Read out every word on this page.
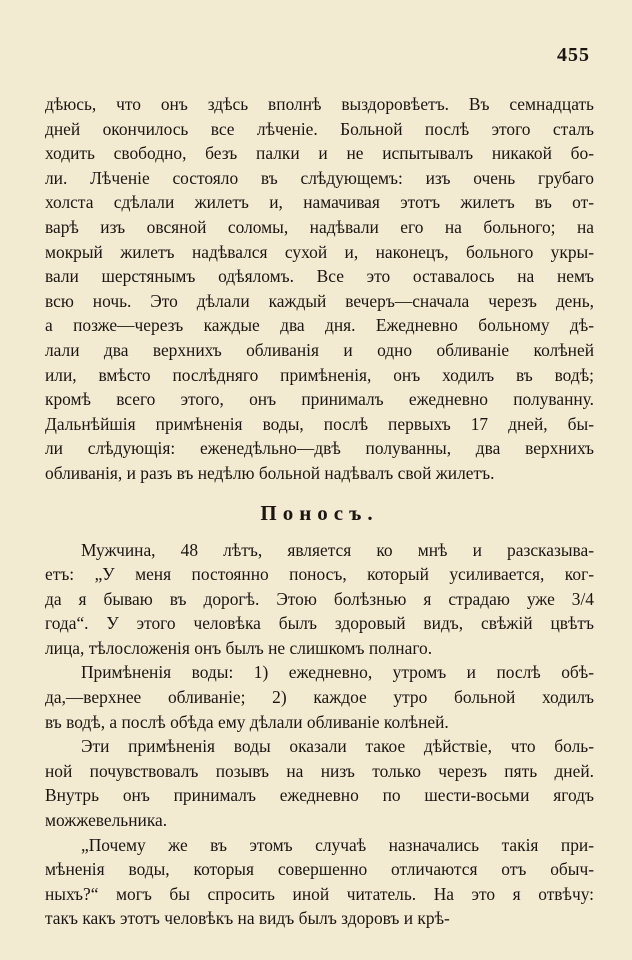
455
дѣюсь, что онъ здѣсь вполнѣ выздоровѣетъ. Въ семнадцать
дней окончилось все лѣченіе. Больной послѣ этого сталъ
ходить свободно, безъ палки и не испытывалъ никакой бо-
ли. Лѣченіе состояло въ слѣдующемъ: изъ очень грубаго
холста сдѣлали жилетъ и, намачивая этотъ жилетъ въ от-
варѣ изъ овсяной соломы, надѣвали его на больного; на
мокрый жилетъ надѣвался сухой и, наконецъ, больного укры-
вали шерстянымъ одѣяломъ. Все это оставалось на немъ
всю ночь. Это дѣлали каждый вечеръ—сначала черезъ день,
а позже—черезъ каждые два дня. Ежедневно больному дѣ-
лали два верхнихъ обливанія и одно обливаніе колѣней
или, вмѣсто послѣдняго примѣненія, онъ ходилъ въ водѣ;
кромѣ всего этого, онъ принималъ ежедневно полуванну.
Дальнѣйшія примѣненія воды, послѣ первыхъ 17 дней, бы-
ли слѣдующія: еженедѣльно—двѣ полуванны, два верхнихъ
обливанія, и разъ въ недѣлю больной надѣвалъ свой жилетъ.
Поносъ.
Мужчина, 48 лѣтъ, является ко мнѣ и разсказыва-
етъ: „У меня постоянно поносъ, который усиливается, ког-
да я бываю въ дорогѣ. Этою болѣзнью я страдаю уже 3/4
года“. У этого человѣка былъ здоровый видъ, свѣжій цвѣтъ
лица, тѣлосложенія онъ былъ не слишкомъ полнаго.
Примѣненія воды: 1) ежедневно, утромъ и послѣ обѣ-
да,—верхнее обливаніе; 2) каждое утро больной ходилъ
въ водѣ, а послѣ обѣда ему дѣлали обливаніе колѣней.
Эти примѣненія воды оказали такое дѣйствіе, что боль-
ной почувствовалъ позывъ на низъ только черезъ пять дней.
Внутрь онъ принималъ ежедневно по шести-восьми ягодъ
можжевельника.
„Почему же въ этомъ случаѣ назначались такія при-
мѣненія воды, которыя совершенно отличаются отъ обыч-
ныхъ?“ могъ бы спросить иной читатель. На это я отвѣчу:
такъ какъ этотъ человѣкъ на видъ былъ здоровъ и крѣ-
